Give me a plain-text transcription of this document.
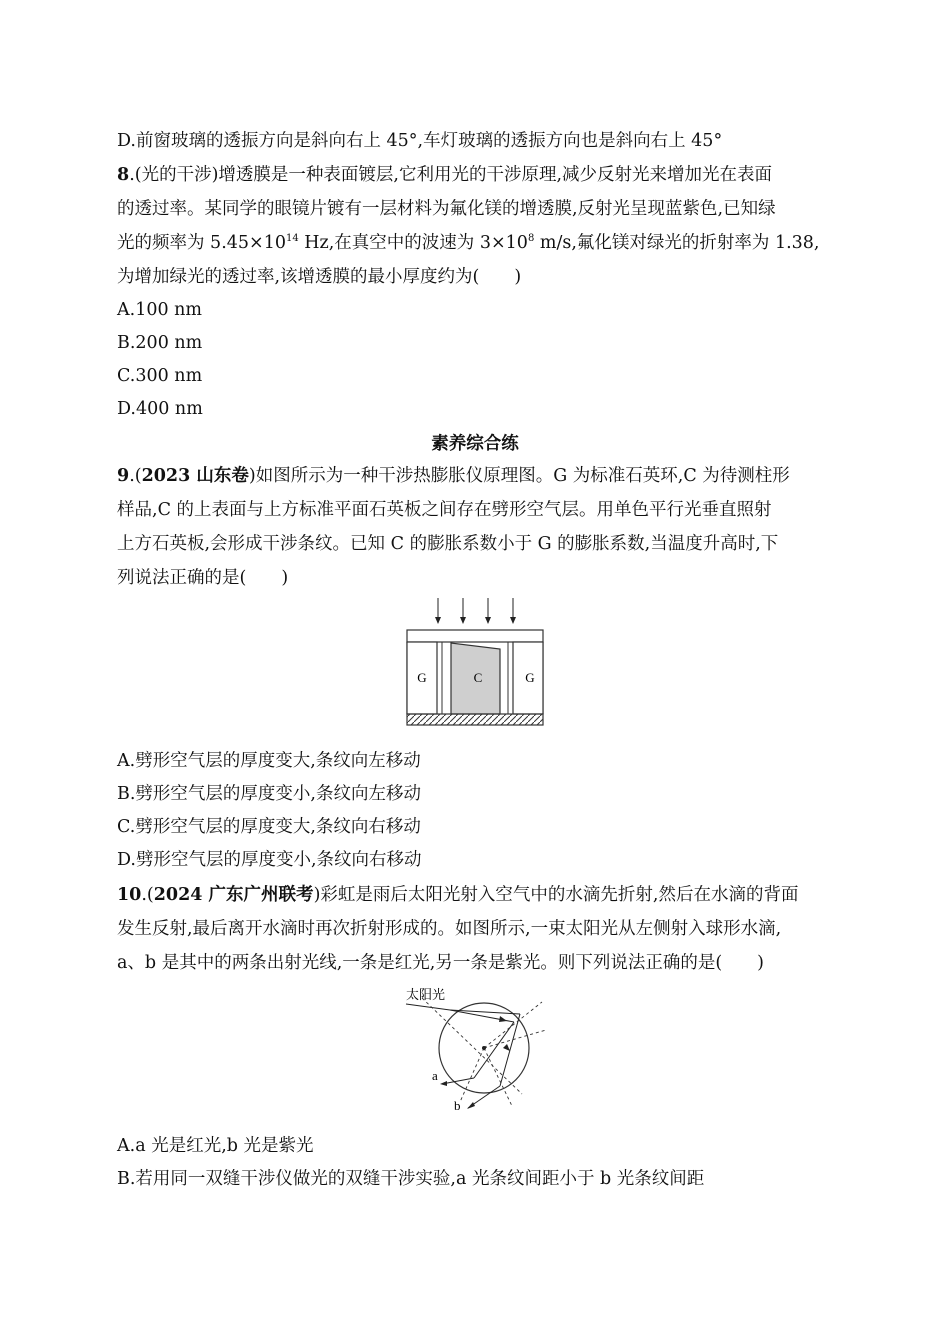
D.前窗玻璃的透振方向是斜向右上 45°,车灯玻璃的透振方向也是斜向右上 45°
8.(光的干涉)增透膜是一种表面镀层,它利用光的干涉原理,减少反射光来增加光在表面
的透过率。某同学的眼镜片镀有一层材料为氟化镁的增透膜,反射光呈现蓝紫色,已知绿
光的频率为 $5.45\times 10^{14}$ Hz,在真空中的波速为 $3\times 10^8$ m/s,氟化镁对绿光的折射率为 1.38,
为增加绿光的透过率,该增透膜的最小厚度约为(　　)
A.100 nm
B.200 nm
C.300 nm
D.400 nm
素养综合练
9.(2023 山东卷)如图所示为一种干涉热膨胀仪原理图。G 为标准石英环,C 为待测柱形
样品,C 的上表面与上方标准平面石英板之间存在劈形空气层。用单色平行光垂直照射
上方石英板,会形成干涉条纹。已知 C 的膨胀系数小于 G 的膨胀系数,当温度升高时,下
列说法正确的是(　　)
G	C	G
A.劈形空气层的厚度变大,条纹向左移动
B.劈形空气层的厚度变小,条纹向左移动
C.劈形空气层的厚度变大,条纹向右移动
D.劈形空气层的厚度变小,条纹向右移动
10.(2024 广东广州联考)彩虹是雨后太阳光射入空气中的水滴先折射,然后在水滴的背面
发生反射,最后离开水滴时再次折射形成的。如图所示,一束太阳光从左侧射入球形水滴,
a、b 是其中的两条出射光线,一条是红光,另一条是紫光。则下列说法正确的是(　　)
太阳光
a
b
A.a 光是红光,b 光是紫光
B.若用同一双缝干涉仪做光的双缝干涉实验,a 光条纹间距小于 b 光条纹间距
